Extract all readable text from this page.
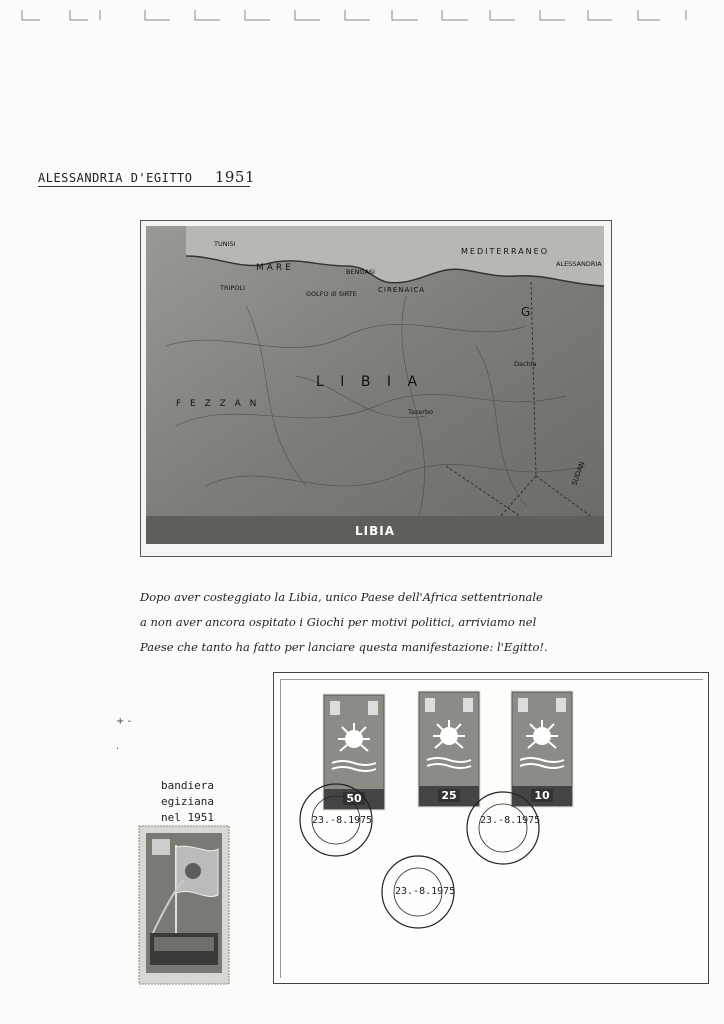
ALESSANDRIA D'EGITTO 1951
TUNISI
MARE
MEDITERRANEO
TRIPOLI
BENGASI
GOLFO di SIRTE	CIRENAICA
ALESSANDRIA
L I B I A
F E Z Z A N
G
Dachla
Tazerbo
SUDAN
LIBIA
Dopo aver costeggiato la Libia, unico Paese dell'Africa settentrionale
a non aver ancora ospitato i Giochi per motivi politici, arriviamo nel
Paese che tanto ha fatto per lanciare questa manifestazione: l'Egitto!.
+ -
·
50	25	10
23.-8.1975	23.-8.1975
23.-8.1975
bandiera
egiziana
nel 1951
